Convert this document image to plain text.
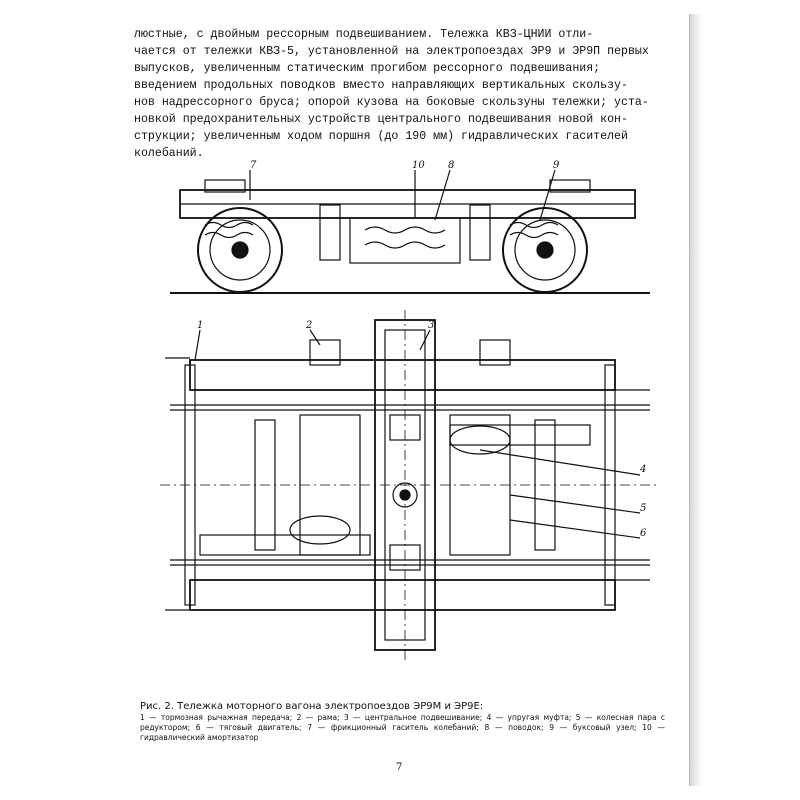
люстные, с двойным рессорным подвешиванием. Тележка КВЗ-ЦНИИ отли-
чается от тележки КВЗ-5, установленной на электропоездах ЭР9 и ЭР9П первых
выпусков, увеличенным статическим прогибом рессорного подвешивания;
введением продольных поводков вместо направляющих вертикальных скользу-
нов надрессорного бруса; опорой кузова на боковые скользуны тележки; уста-
новкой предохранительных устройств центрального подвешивания новой кон-
струкции; увеличенным ходом поршня (до 190 мм) гидравлических гасителей
колебаний.
7	10 8	9
1	2	3
4
5
6
Рис. 2. Тележка моторного вагона электропоездов ЭР9М и ЭР9Е:
1 — тормозная рычажная передача; 2 — рама; 3 — центральное подвешивание; 4 — упругая муфта; 5 — колесная пара с редуктором; 6 — тяговый двигатель; 7 — фрикционный гаситель колебаний; 8 — поводок; 9 — буксовый узел; 10 — гидравлический амортизатор
7
